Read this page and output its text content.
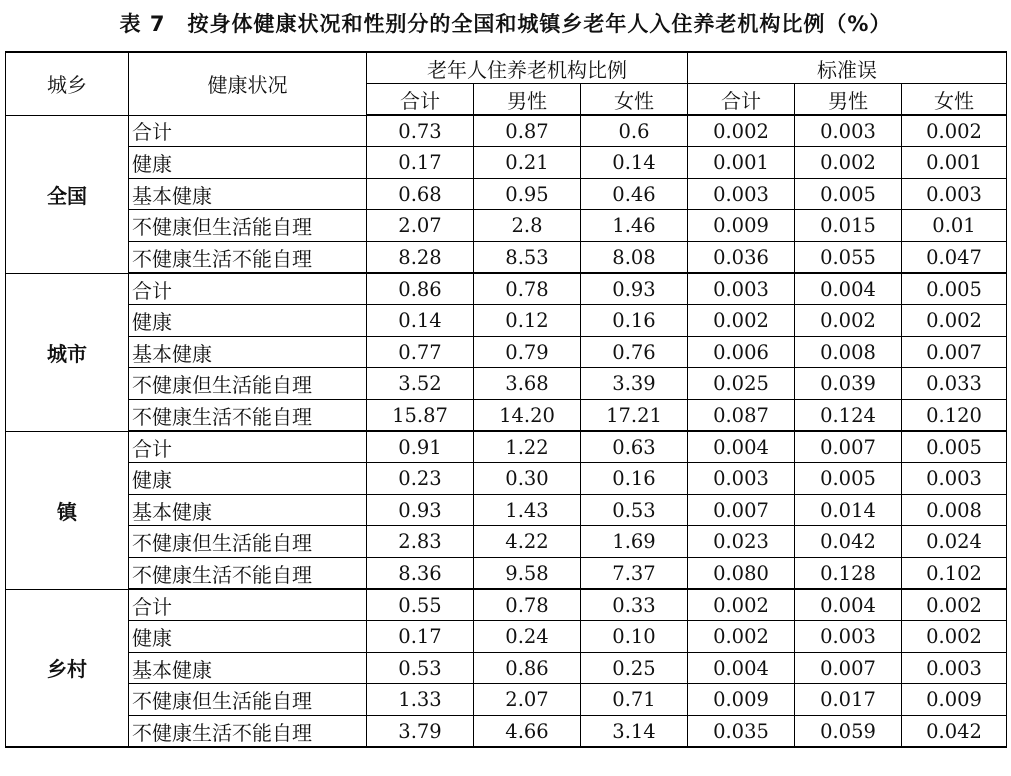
表 7　按身体健康状况和性别分的全国和城镇乡老年人入住养老机构比例（%）
城乡	健康状况	老年人住养老机构比例			标准误		
		合计	男性	女性	合计	男性	女性
全国	合计	0.73	0.87	0.6	0.002	0.003	0.002
	健康	0.17	0.21	0.14	0.001	0.002	0.001
	基本健康	0.68	0.95	0.46	0.003	0.005	0.003
	不健康但生活能自理	2.07	2.8	1.46	0.009	0.015	0.01
	不健康生活不能自理	8.28	8.53	8.08	0.036	0.055	0.047
城市	合计	0.86	0.78	0.93	0.003	0.004	0.005
	健康	0.14	0.12	0.16	0.002	0.002	0.002
	基本健康	0.77	0.79	0.76	0.006	0.008	0.007
	不健康但生活能自理	3.52	3.68	3.39	0.025	0.039	0.033
	不健康生活不能自理	15.87	14.20	17.21	0.087	0.124	0.120
镇	合计	0.91	1.22	0.63	0.004	0.007	0.005
	健康	0.23	0.30	0.16	0.003	0.005	0.003
	基本健康	0.93	1.43	0.53	0.007	0.014	0.008
	不健康但生活能自理	2.83	4.22	1.69	0.023	0.042	0.024
	不健康生活不能自理	8.36	9.58	7.37	0.080	0.128	0.102
乡村	合计	0.55	0.78	0.33	0.002	0.004	0.002
	健康	0.17	0.24	0.10	0.002	0.003	0.002
	基本健康	0.53	0.86	0.25	0.004	0.007	0.003
	不健康但生活能自理	1.33	2.07	0.71	0.009	0.017	0.009
	不健康生活不能自理	3.79	4.66	3.14	0.035	0.059	0.042
